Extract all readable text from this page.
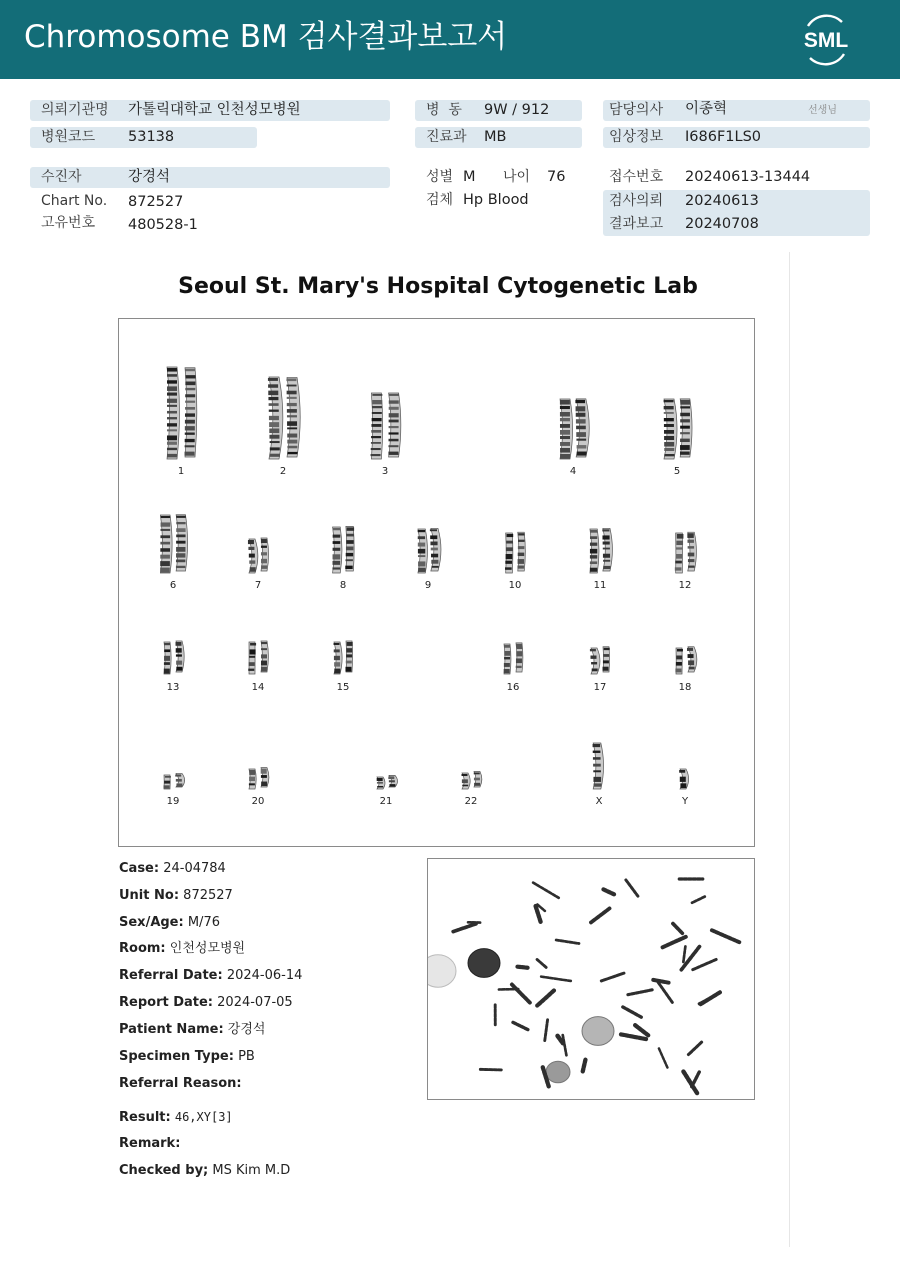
Chromosome BM 검사결과보고서	SML
의뢰기관명 가톨릭대학교 인천성모병원
병원코드 53138
병  동 9W / 912
진료과 MB
담당의사 이종혁	선생님
임상정보 I686F1LS0
수진자	강경석
Chart No. 872527
고유번호 480528-1
성별 M 나이 76
검체 Hp Blood
접수번호 20240613-13444
검사의뢰 20240613
결과보고 20240708
Seoul St. Mary's Hospital Cytogenetic Lab
1	2	3	4	5
6	7	8	9	10	11	12
13	14	15	16	17	18
19	20	21	22	X	Y
Case: 24-04784
Unit No: 872527
Sex/Age: M/76
Room: 인천성모병원
Referral Date: 2024-06-14
Report Date: 2024-07-05
Patient Name: 강경석
Specimen Type: PB
Referral Reason:
Result: 46,XY[3]
Remark:
Checked by; MS Kim M.D
